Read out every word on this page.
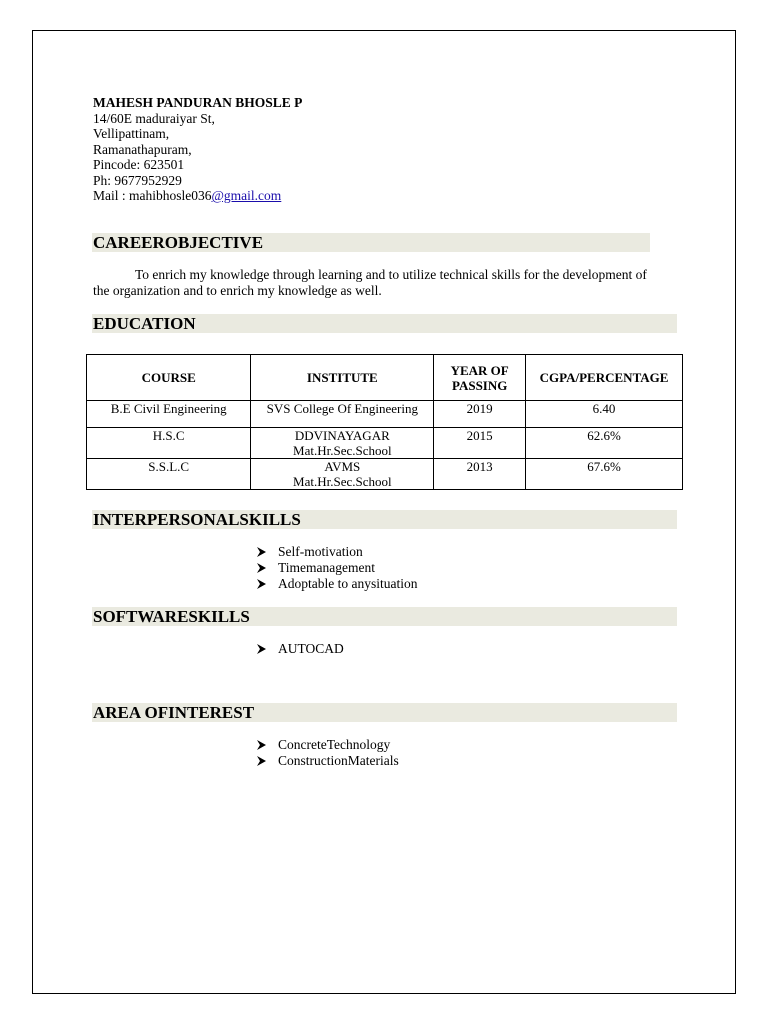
MAHESH PANDURAN BHOSLE P
14/60E maduraiyar St,
Vellipattinam,
Ramanathapuram,
Pincode: 623501
Ph: 9677952929
Mail : mahibhosle036@gmail.com
CAREEROBJECTIVE
To enrich my knowledge through learning and to utilize technical skills for the development of
the organization and to enrich my knowledge as well.
EDUCATION
COURSE	INSTITUTE	YEAR OF PASSING	CGPA/PERCENTAGE
B.E Civil Engineering	SVS College Of Engineering	2019	6.40
H.S.C	DDVINAYAGAR Mat.Hr.Sec.School	2015	62.6%
S.S.L.C	AVMS Mat.Hr.Sec.School	2013	67.6%
INTERPERSONALSKILLS
Self-motivation
Timemanagement
Adoptable to anysituation
SOFTWARESKILLS
AUTOCAD
AREA OFINTEREST
ConcreteTechnology
ConstructionMaterials
